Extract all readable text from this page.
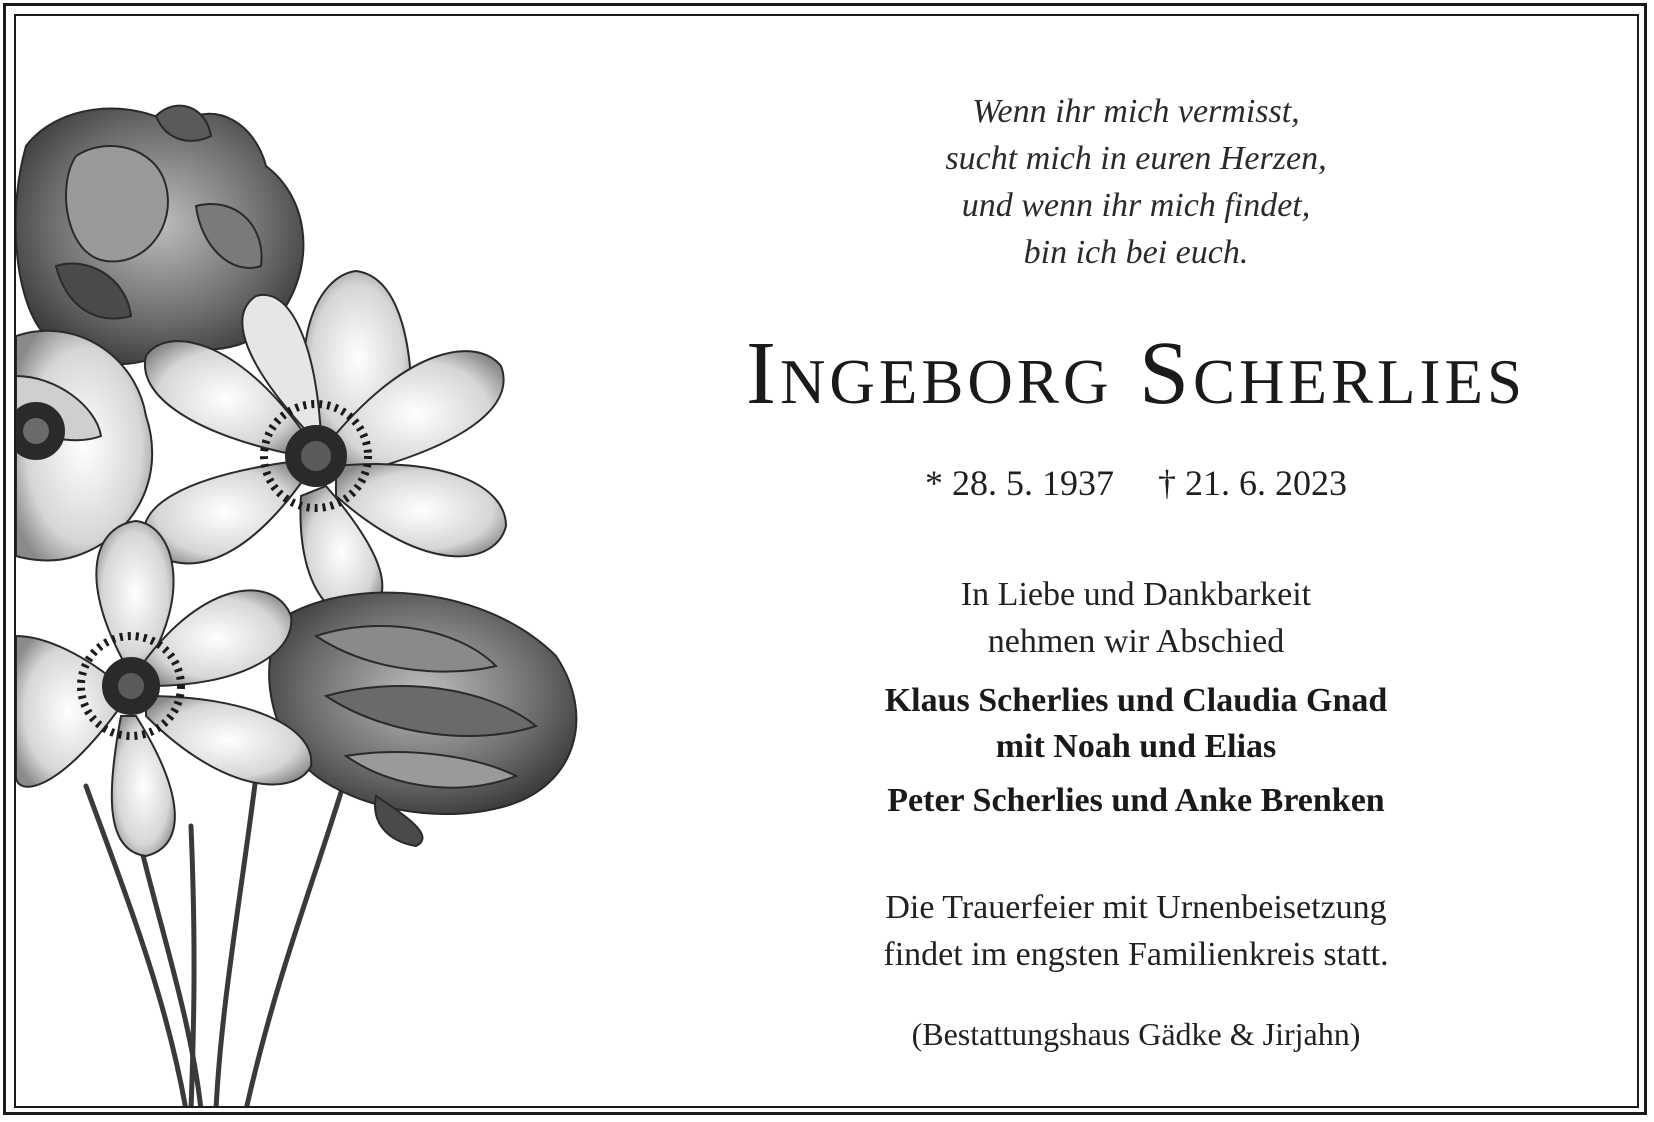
Wenn ihr mich vermisst,
sucht mich in euren Herzen,
und wenn ihr mich findet,
bin ich bei euch.
Ingeborg Scherlies
* 28. 5. 1937 † 21. 6. 2023
In Liebe und Dankbarkeit
nehmen wir Abschied
Klaus Scherlies und Claudia Gnad
mit Noah und Elias
Peter Scherlies und Anke Brenken
Die Trauerfeier mit Urnenbeisetzung
findet im engsten Familienkreis statt.
(Bestattungshaus Gädke & Jirjahn)
